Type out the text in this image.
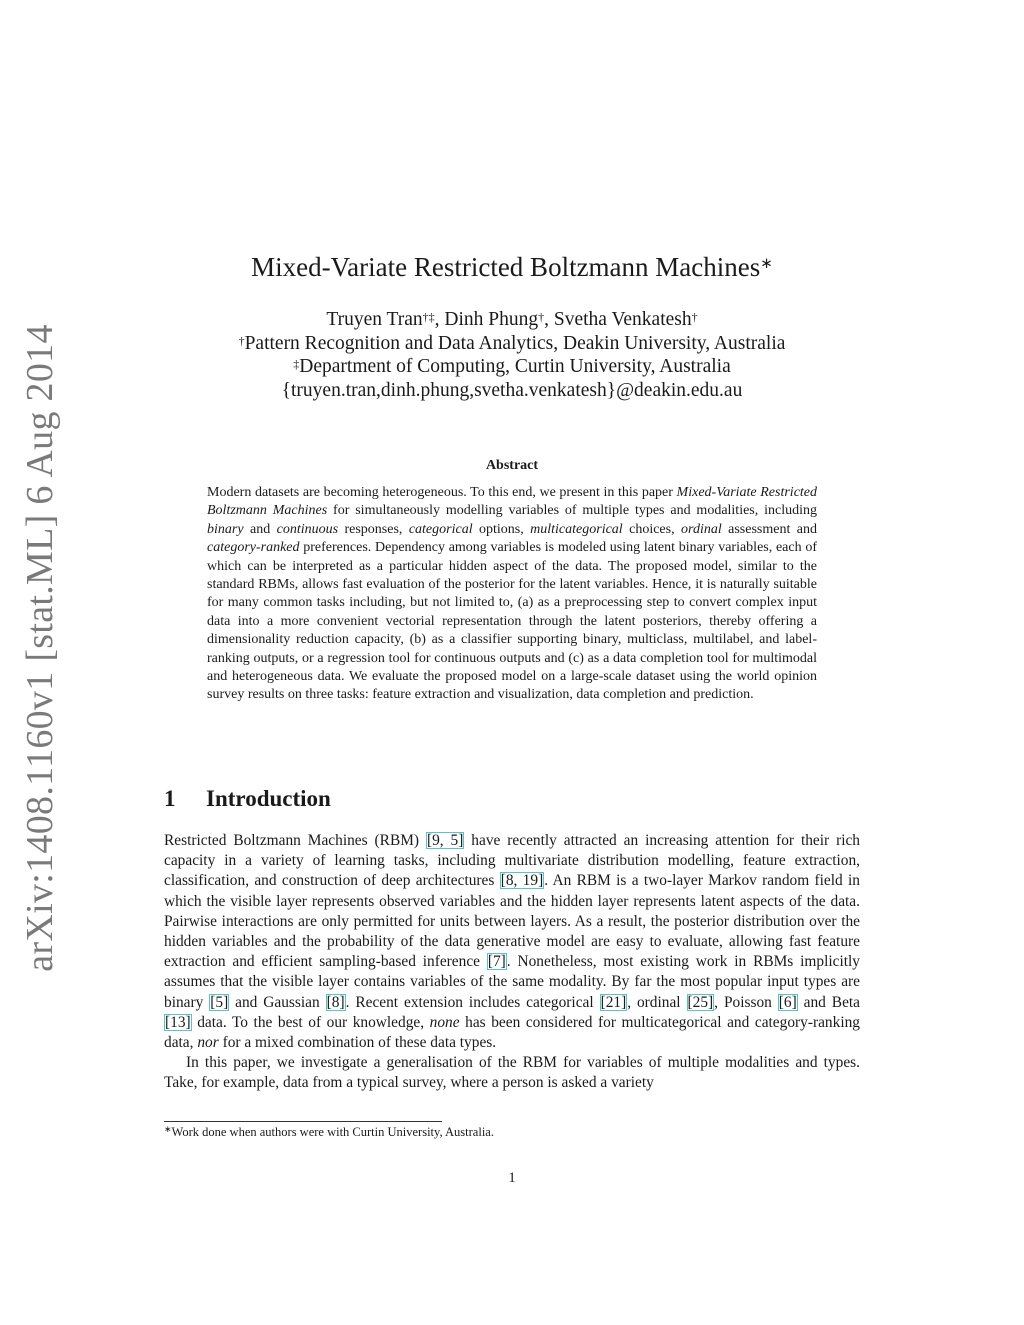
arXiv:1408.1160v1 [stat.ML] 6 Aug 2014
Mixed-Variate Restricted Boltzmann Machines∗
Truyen Tran†‡, Dinh Phung†, Svetha Venkatesh†
†Pattern Recognition and Data Analytics, Deakin University, Australia
‡Department of Computing, Curtin University, Australia
{truyen.tran,dinh.phung,svetha.venkatesh}@deakin.edu.au
Abstract

Modern datasets are becoming heterogeneous. To this end, we present in this paper Mixed-Variate Restricted Boltzmann Machines for simultaneously modelling variables of multiple types and modalities, including binary and continuous responses, categorical options, multicategorical choices, ordinal assessment and category-ranked preferences. Dependency among variables is modeled using latent binary variables, each of which can be interpreted as a particular hidden aspect of the data. The proposed model, similar to the standard RBMs, allows fast evaluation of the posterior for the latent variables. Hence, it is naturally suitable for many common tasks including, but not limited to, (a) as a preprocessing step to convert complex input data into a more convenient vectorial representation through the latent posteriors, thereby offering a dimensionality reduction capacity, (b) as a classifier supporting binary, multiclass, multilabel, and label-ranking outputs, or a regression tool for continuous outputs and (c) as a data completion tool for multimodal and heterogeneous data. We evaluate the proposed model on a large-scale dataset using the world opinion survey results on three tasks: feature extraction and visualization, data completion and prediction.

1 Introduction

Restricted Boltzmann Machines (RBM) [9, 5] have recently attracted an increasing attention for their rich capacity in a variety of learning tasks, including multivariate distribution modelling, feature extraction, classification, and construction of deep architectures [8, 19]. An RBM is a two-layer Markov random field in which the visible layer represents observed variables and the hidden layer represents latent aspects of the data. Pairwise interactions are only permitted for units between layers. As a result, the posterior distribution over the hidden variables and the probability of the data generative model are easy to evaluate, allowing fast feature extraction and efficient sampling-based inference [7]. Nonetheless, most existing work in RBMs implicitly assumes that the visible layer contains variables of the same modality. By far the most popular input types are binary [5] and Gaussian [8]. Recent extension includes categorical [21], ordinal [25], Poisson [6] and Beta [13] data. To the best of our knowledge, none has been considered for multicategorical and category-ranking data, nor for a mixed combination of these data types.

In this paper, we investigate a generalisation of the RBM for variables of multiple modalities and types. Take, for example, data from a typical survey, where a person is asked a variety

∗Work done when authors were with Curtin University, Australia.
1
